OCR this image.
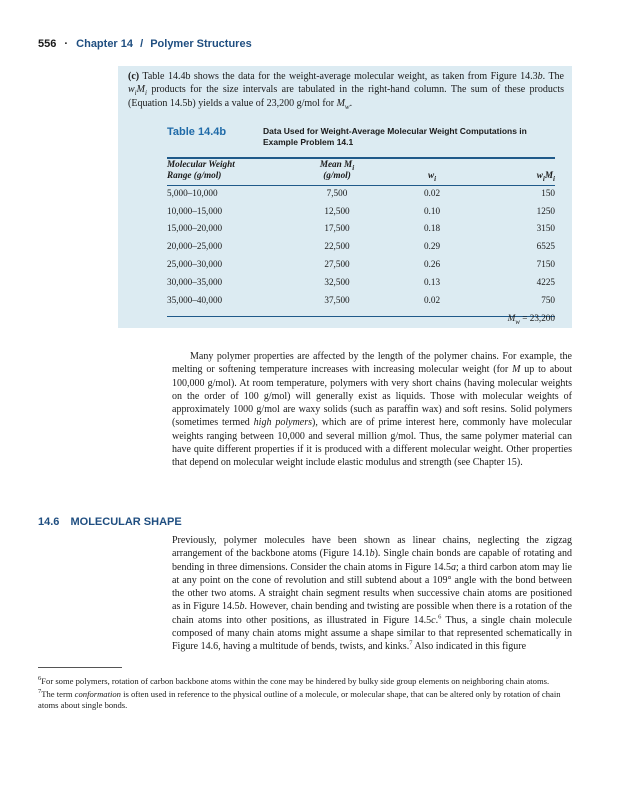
556 · Chapter 14 / Polymer Structures
(c) Table 14.4b shows the data for the weight-average molecular weight, as taken from Figure 14.3b. The $w_iM_i$ products for the size intervals are tabulated in the right-hand column. The sum of these products (Equation 14.5b) yields a value of 23,200 g/mol for $M_w$.
Table 14.4b	Data Used for Weight-Average Molecular Weight Computations in Example Problem 14.1
Molecular Weight
Range (g/mol)	Mean $M_i$
(g/mol)	$w_i$	$w_iM_i$
5,000–10,000	7,500	0.02	150
10,000–15,000	12,500	0.10	1250
15,000–20,000	17,500	0.18	3150
20,000–25,000	22,500	0.29	6525
25,000–30,000	27,500	0.26	7150
30,000–35,000	32,500	0.13	4225
35,000–40,000	37,500	0.02	750
			$M_w = 23,200$

Many polymer properties are affected by the length of the polymer chains. For example, the melting or softening temperature increases with increasing molecular weight (for M up to about 100,000 g/mol). At room temperature, polymers with very short chains (having molecular weights on the order of 100 g/mol) will generally exist as liquids. Those with molecular weights of approximately 1000 g/mol are waxy solids (such as paraffin wax) and soft resins. Solid polymers (sometimes termed high polymers), which are of prime interest here, commonly have molecular weights ranging between 10,000 and several million g/mol. Thus, the same polymer material can have quite different properties if it is produced with a different molecular weight. Other properties that depend on molecular weight include elastic modulus and strength (see Chapter 15).

14.6 MOLECULAR SHAPE

Previously, polymer molecules have been shown as linear chains, neglecting the zigzag arrangement of the backbone atoms (Figure 14.1b). Single chain bonds are capable of rotating and bending in three dimensions. Consider the chain atoms in Figure 14.5a; a third carbon atom may lie at any point on the cone of revolution and still subtend about a 109° angle with the bond between the other two atoms. A straight chain segment results when successive chain atoms are positioned as in Figure 14.5b. However, chain bending and twisting are possible when there is a rotation of the chain atoms into other positions, as illustrated in Figure 14.5c.$^6$ Thus, a single chain molecule composed of many chain atoms might assume a shape similar to that represented schematically in Figure 14.6, having a multitude of bends, twists, and kinks.$^7$ Also indicated in this figure

$^6$For some polymers, rotation of carbon backbone atoms within the cone may be hindered by bulky side group elements on neighboring chain atoms.

$^7$The term conformation is often used in reference to the physical outline of a molecule, or molecular shape, that can be altered only by rotation of chain atoms about single bonds.
